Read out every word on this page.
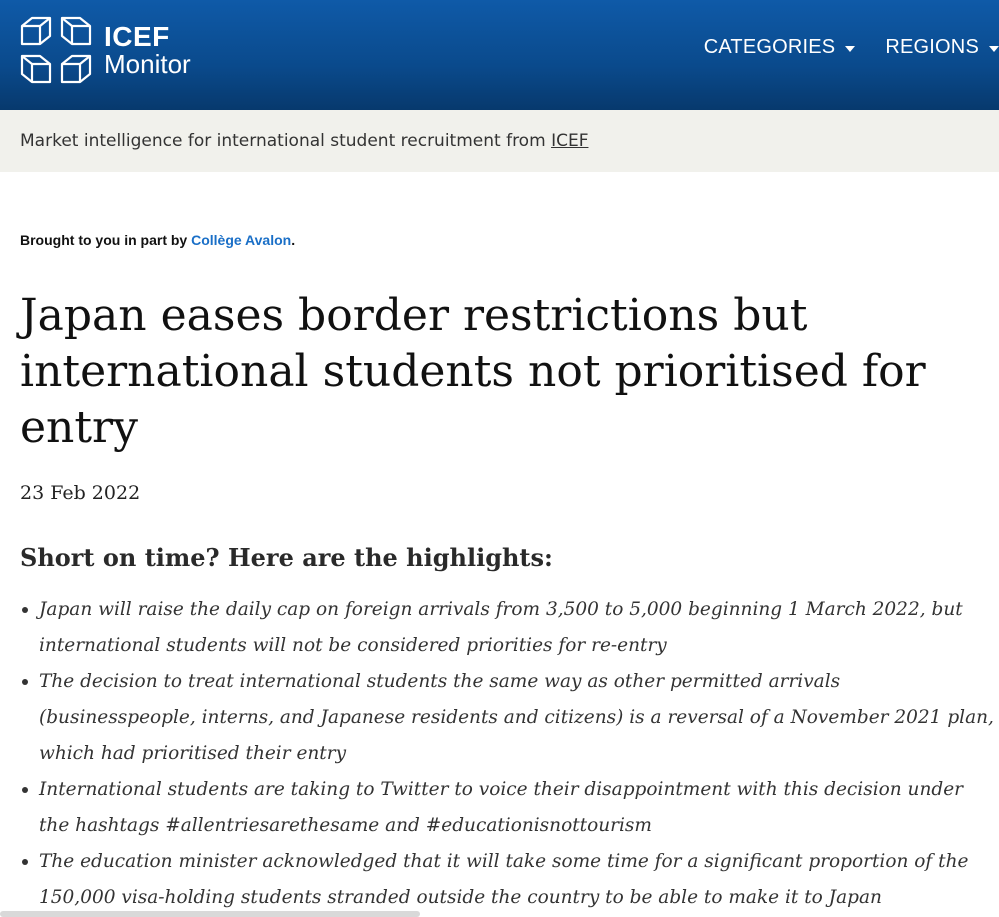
ICEF
Monitor
CATEGORIES	REGIONS
Market intelligence for international student recruitment from ICEF
Brought to you in part by Collège Avalon.
Japan eases border restrictions but international students not prioritised for entry
23 Feb 2022
Short on time? Here are the highlights:
Japan will raise the daily cap on foreign arrivals from 3,500 to 5,000 beginning 1 March 2022, but international students will not be considered priorities for re-entry
The decision to treat international students the same way as other permitted arrivals (businesspeople, interns, and Japanese residents and citizens) is a reversal of a November 2021 plan, which had prioritised their entry
International students are taking to Twitter to voice their disappointment with this decision under the hashtags #allentriesarethesame and #educationisnottourism
The education minister acknowledged that it will take some time for a significant proportion of the 150,000 visa-holding students stranded outside the country to be able to make it to Japan
